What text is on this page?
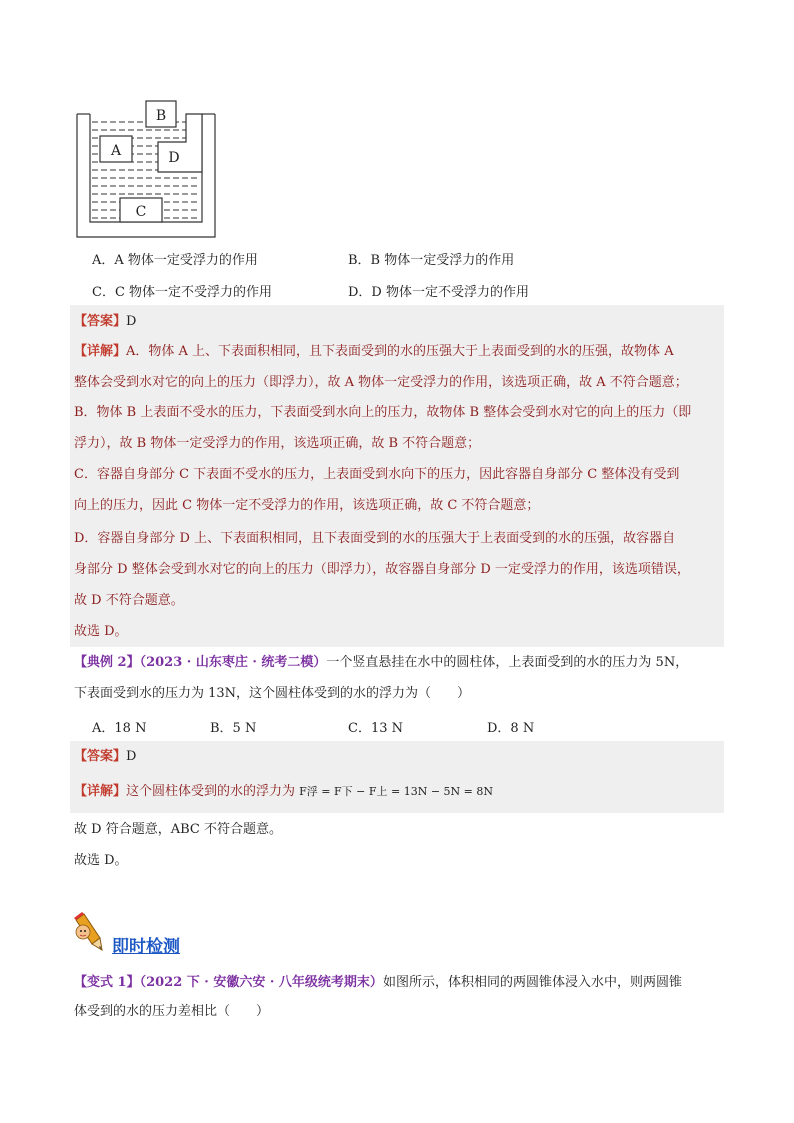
B
A	D
C
A．A 物体一定受浮力的作用	B．B 物体一定受浮力的作用
C．C 物体一定不受浮力的作用	D．D 物体一定不受浮力的作用
【答案】D
【详解】A．物体 A 上、下表面积相同，且下表面受到的水的压强大于上表面受到的水的压强，故物体 A
整体会受到水对它的向上的压力（即浮力），故 A 物体一定受浮力的作用，该选项正确，故 A 不符合题意；
B．物体 B 上表面不受水的压力，下表面受到水向上的压力，故物体 B 整体会受到水对它的向上的压力（即
浮力），故 B 物体一定受浮力的作用，该选项正确，故 B 不符合题意；
C．容器自身部分 C 下表面不受水的压力，上表面受到水向下的压力，因此容器自身部分 C 整体没有受到
向上的压力，因此 C 物体一定不受浮力的作用，该选项正确，故 C 不符合题意；
D．容器自身部分 D 上、下表面积相同，且下表面受到的水的压强大于上表面受到的水的压强，故容器自
身部分 D 整体会受到水对它的向上的压力（即浮力），故容器自身部分 D 一定受浮力的作用，该选项错误，
故 D 不符合题意。
故选 D。
【典例 2】（2023 · 山东枣庄 · 统考二模）一个竖直悬挂在水中的圆柱体，上表面受到的水的压力为 5N，
下表面受到水的压力为 13N，这个圆柱体受到的水的浮力为（　　）
A．18 N	B．5 N	C．13 N	D．8 N
【答案】D
【详解】这个圆柱体受到的水的浮力为 F浮 = F下 − F上 = 13N − 5N = 8N
故 D 符合题意，ABC 不符合题意。
故选 D。
即时检测
【变式 1】（2022 下 · 安徽六安 · 八年级统考期末）如图所示，体积相同的两圆锥体浸入水中，则两圆锥
体受到的水的压力差相比（　　）
